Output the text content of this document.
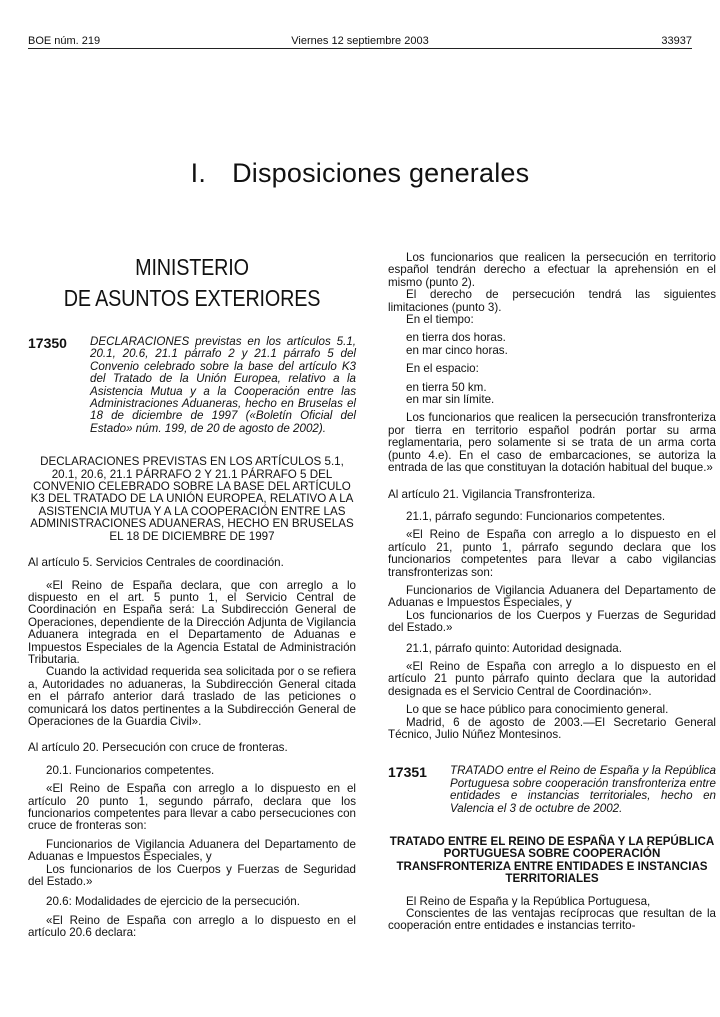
BOE núm. 219	Viernes 12 septiembre 2003	33937
I. Disposiciones generales
MINISTERIO
DE ASUNTOS EXTERIORES
17350 DECLARACIONES previstas en los artículos 5.1, 20.1, 20.6, 21.1 párrafo 2 y 21.1 párrafo 5 del Convenio celebrado sobre la base del artículo K3 del Tratado de la Unión Europea, relativo a la Asistencia Mutua y a la Cooperación entre las Administraciones Aduaneras, hecho en Bruselas el 18 de diciembre de 1997 («Boletín Oficial del Estado» núm. 199, de 20 de agosto de 2002).
DECLARACIONES PREVISTAS EN LOS ARTÍCULOS 5.1, 20.1, 20.6, 21.1 PÁRRAFO 2 Y 21.1 PÁRRAFO 5 DEL CONVENIO CELEBRADO SOBRE LA BASE DEL ARTÍCULO K3 DEL TRATADO DE LA UNIÓN EUROPEA, RELATIVO A LA ASISTENCIA MUTUA Y A LA COOPERACIÓN ENTRE LAS ADMINISTRACIONES ADUANERAS, HECHO EN BRUSELAS EL 18 DE DICIEMBRE DE 1997

Al artículo 5. Servicios Centrales de coordinación.

«El Reino de España declara, que con arreglo a lo dispuesto en el art. 5 punto 1, el Servicio Central de Coordinación en España será: La Subdirección General de Operaciones, dependiente de la Dirección Adjunta de Vigilancia Aduanera integrada en el Departamento de Aduanas e Impuestos Especiales de la Agencia Estatal de Administración Tributaria.

Cuando la actividad requerida sea solicitada por o se refiera a, Autoridades no aduaneras, la Subdirección General citada en el párrafo anterior dará traslado de las peticiones o comunicará los datos pertinentes a la Subdirección General de Operaciones de la Guardia Civil».

Al artículo 20. Persecución con cruce de fronteras.

20.1. Funcionarios competentes.

«El Reino de España con arreglo a lo dispuesto en el artículo 20 punto 1, segundo párrafo, declara que los funcionarios competentes para llevar a cabo persecuciones con cruce de fronteras son:

Funcionarios de Vigilancia Aduanera del Departamento de Aduanas e Impuestos Especiales, y

Los funcionarios de los Cuerpos y Fuerzas de Seguridad del Estado.»

20.6: Modalidades de ejercicio de la persecución.

«El Reino de España con arreglo a lo dispuesto en el artículo 20.6 declara:

Los funcionarios que realicen la persecución en territorio español tendrán derecho a efectuar la aprehensión en el mismo (punto 2).

El derecho de persecución tendrá las siguientes limitaciones (punto 3).

En el tiempo:

en tierra dos horas.

en mar cinco horas.

En el espacio:

en tierra 50 km.

en mar sin límite.

Los funcionarios que realicen la persecución transfronteriza por tierra en territorio español podrán portar su arma reglamentaria, pero solamente si se trata de un arma corta (punto 4.e). En el caso de embarcaciones, se autoriza la entrada de las que constituyan la dotación habitual del buque.»

Al artículo 21. Vigilancia Transfronteriza.

21.1, párrafo segundo: Funcionarios competentes.

«El Reino de España con arreglo a lo dispuesto en el artículo 21, punto 1, párrafo segundo declara que los funcionarios competentes para llevar a cabo vigilancias transfronterizas son:

Funcionarios de Vigilancia Aduanera del Departamento de Aduanas e Impuestos Especiales, y

Los funcionarios de los Cuerpos y Fuerzas de Seguridad del Estado.»

21.1, párrafo quinto: Autoridad designada.

«El Reino de España con arreglo a lo dispuesto en el artículo 21 punto párrafo quinto declara que la autoridad designada es el Servicio Central de Coordinación».

Lo que se hace público para conocimiento general.

Madrid, 6 de agosto de 2003.—El Secretario General Técnico, Julio Núñez Montesinos.

17351 TRATADO entre el Reino de España y la República Portuguesa sobre cooperación transfronteriza entre entidades e instancias territoriales, hecho en Valencia el 3 de octubre de 2002.
TRATADO ENTRE EL REINO DE ESPAÑA Y LA REPÚBLICA PORTUGUESA SOBRE COOPERACIÓN TRANSFRONTERIZA ENTRE ENTIDADES E INSTANCIAS TERRITORIALES

El Reino de España y la República Portuguesa,

Conscientes de las ventajas recíprocas que resultan de la cooperación entre entidades e instancias territo-
